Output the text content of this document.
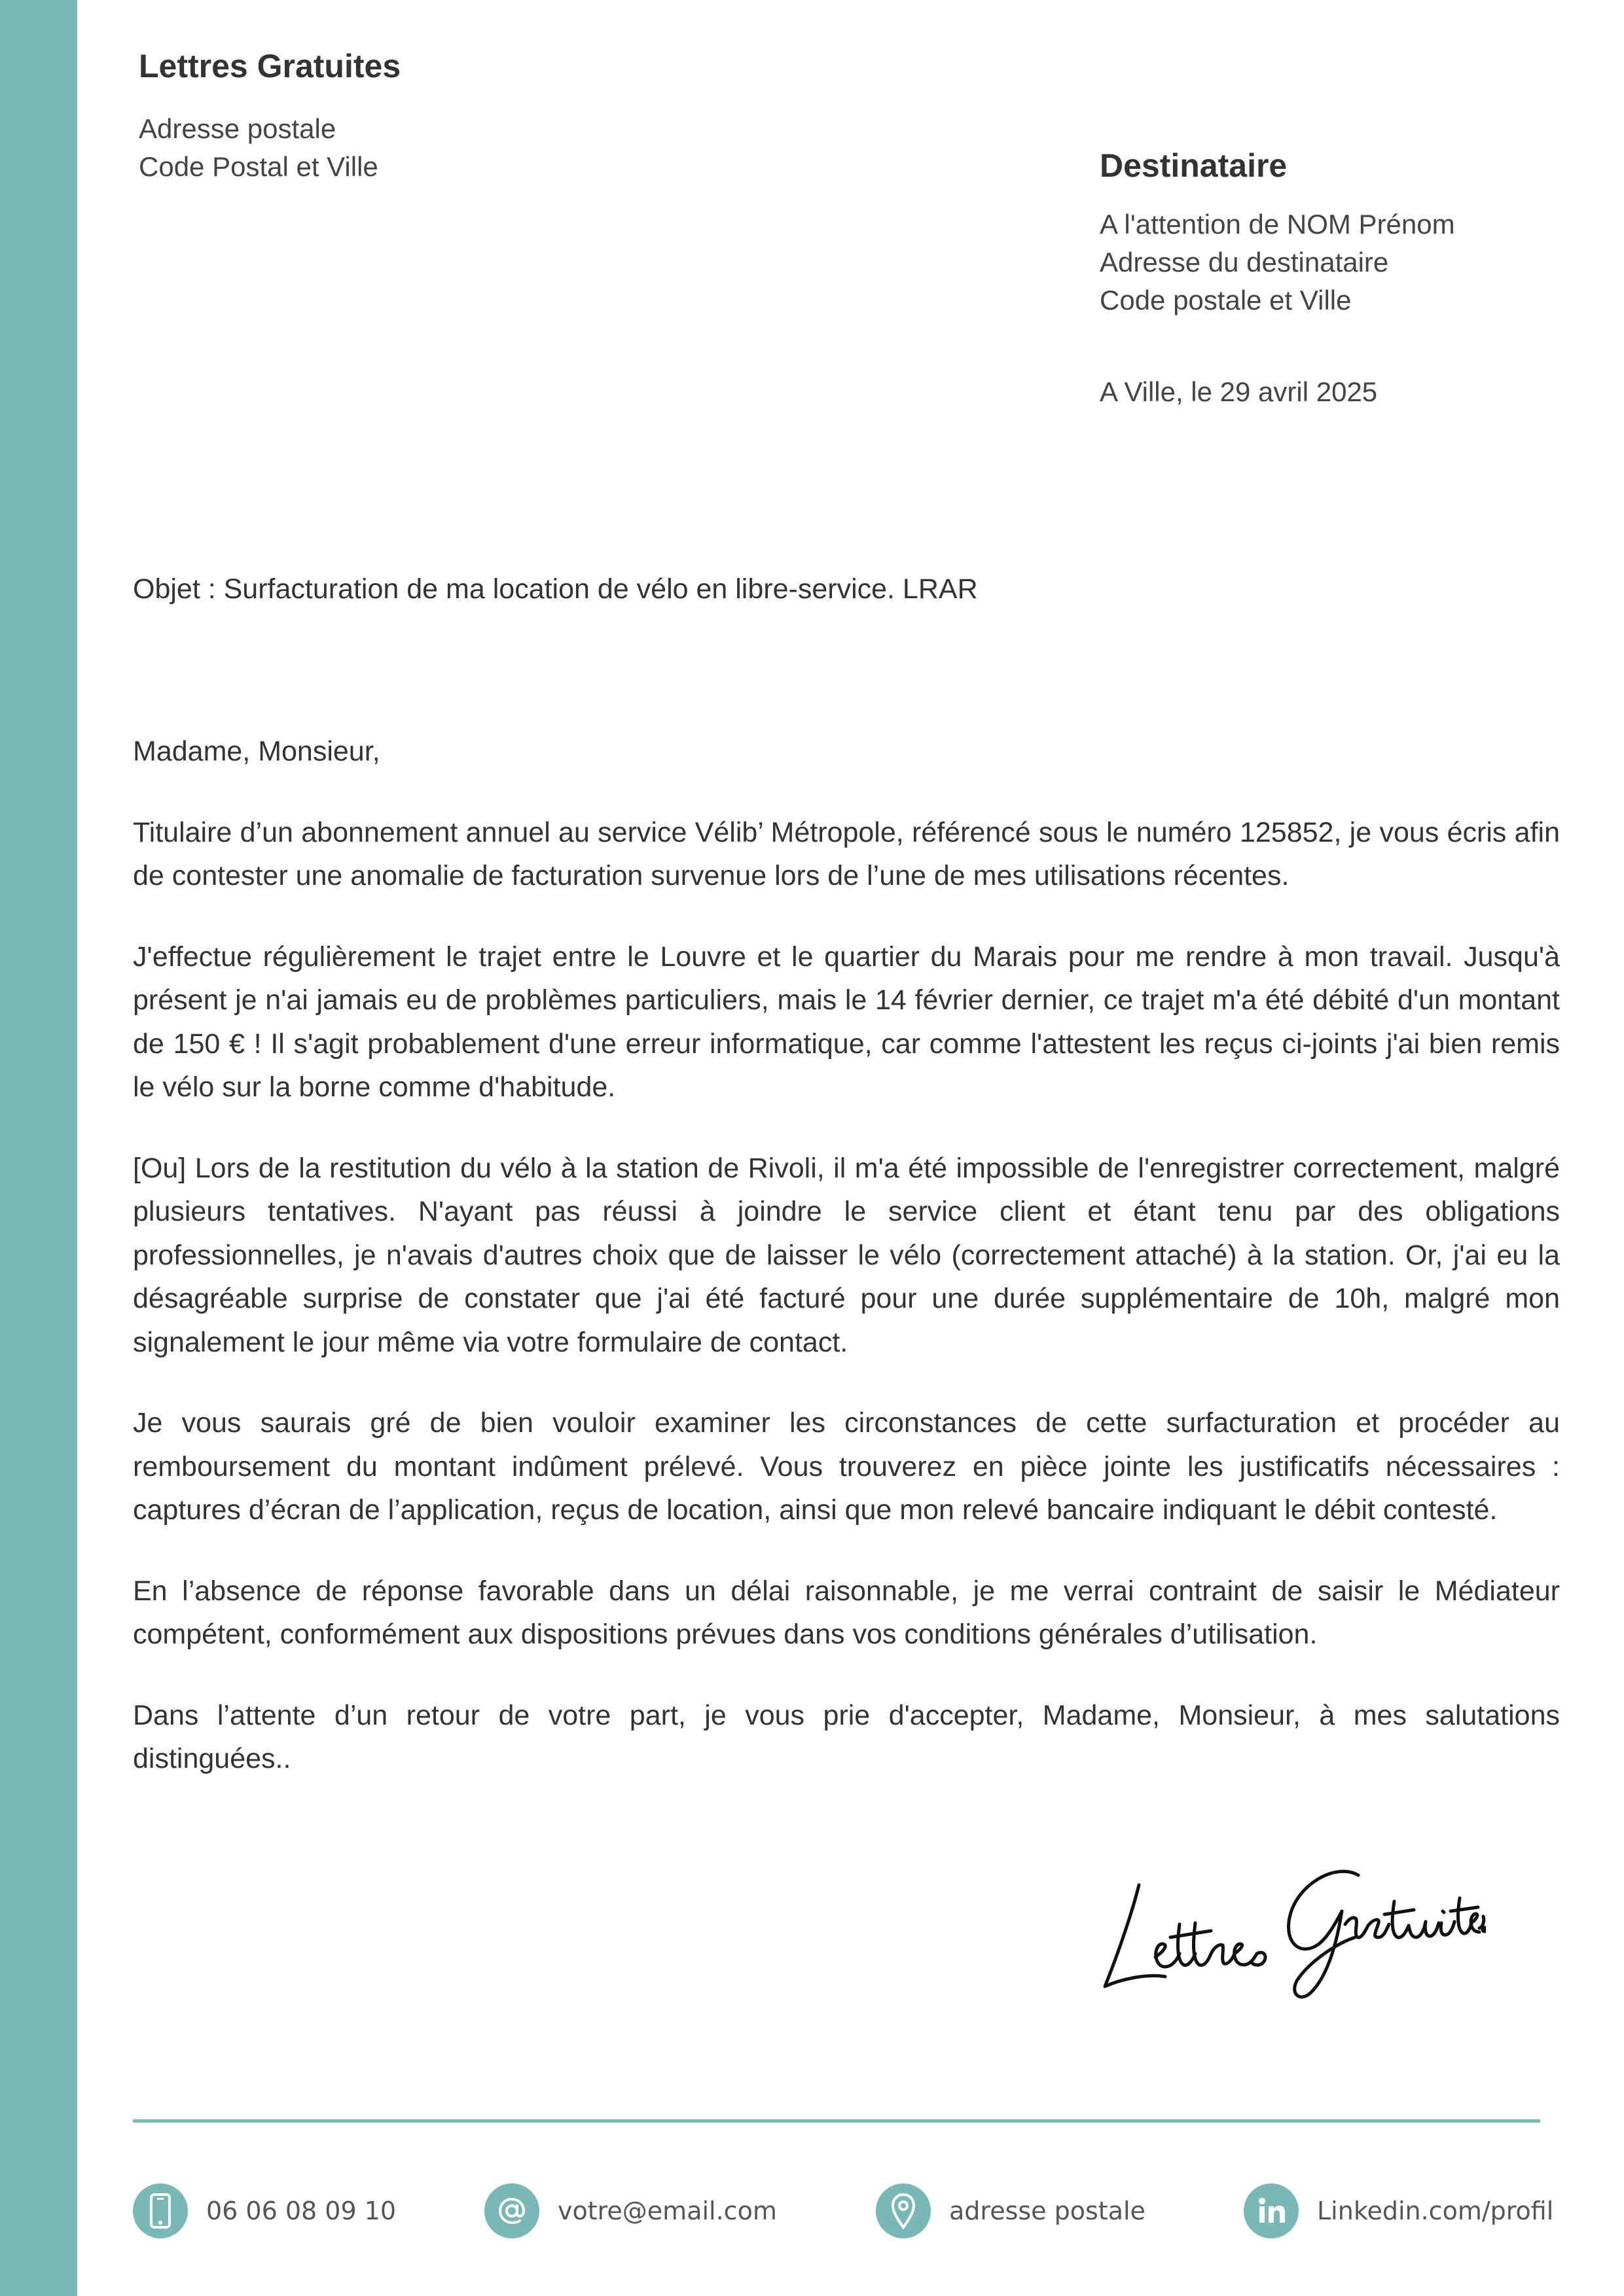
Lettres Gratuites
Adresse postale
Code Postal et Ville	Destinataire
A l'attention de NOM Prénom
Adresse du destinataire
Code postale et Ville
A Ville, le 29 avril 2025
Objet : Surfacturation de ma location de vélo en libre-service. LRAR

Madame, Monsieur,

Titulaire d’un abonnement annuel au service Vélib’ Métropole, référencé sous le numéro 125852, je vous écris afin de contester une anomalie de facturation survenue lors de l’une de mes utilisations récentes.

J'effectue régulièrement le trajet entre le Louvre et le quartier du Marais pour me rendre à mon travail. Jusqu'à présent je n'ai jamais eu de problèmes particuliers, mais le 14 février dernier, ce trajet m'a été débité d'un montant de 150 € ! Il s'agit probablement d'une erreur informatique, car comme l'attestent les reçus ci-joints j'ai bien remis le vélo sur la borne comme d'habitude.

[Ou] Lors de la restitution du vélo à la station de Rivoli, il m'a été impossible de l'enregistrer correctement, malgré plusieurs tentatives. N'ayant pas réussi à joindre le service client et étant tenu par des obligations professionnelles, je n'avais d'autres choix que de laisser le vélo (correctement attaché) à la station. Or, j'ai eu la désagréable surprise de constater que j'ai été facturé pour une durée supplémentaire de 10h, malgré mon signalement le jour même via votre formulaire de contact.

Je vous saurais gré de bien vouloir examiner les circonstances de cette surfacturation et procéder au remboursement du montant indûment prélevé. Vous trouverez en pièce jointe les justificatifs nécessaires : captures d’écran de l’application, reçus de location, ainsi que mon relevé bancaire indiquant le débit contesté.

En l’absence de réponse favorable dans un délai raisonnable, je me verrai contraint de saisir le Médiateur compétent, conformément aux dispositions prévues dans vos conditions générales d’utilisation.

Dans l’attente d’un retour de votre part, je vous prie d'accepter, Madame, Monsieur, à mes salutations distinguées..

06 06 08 09 10	votre@email.com	adresse postale	Linkedin.com/profil
